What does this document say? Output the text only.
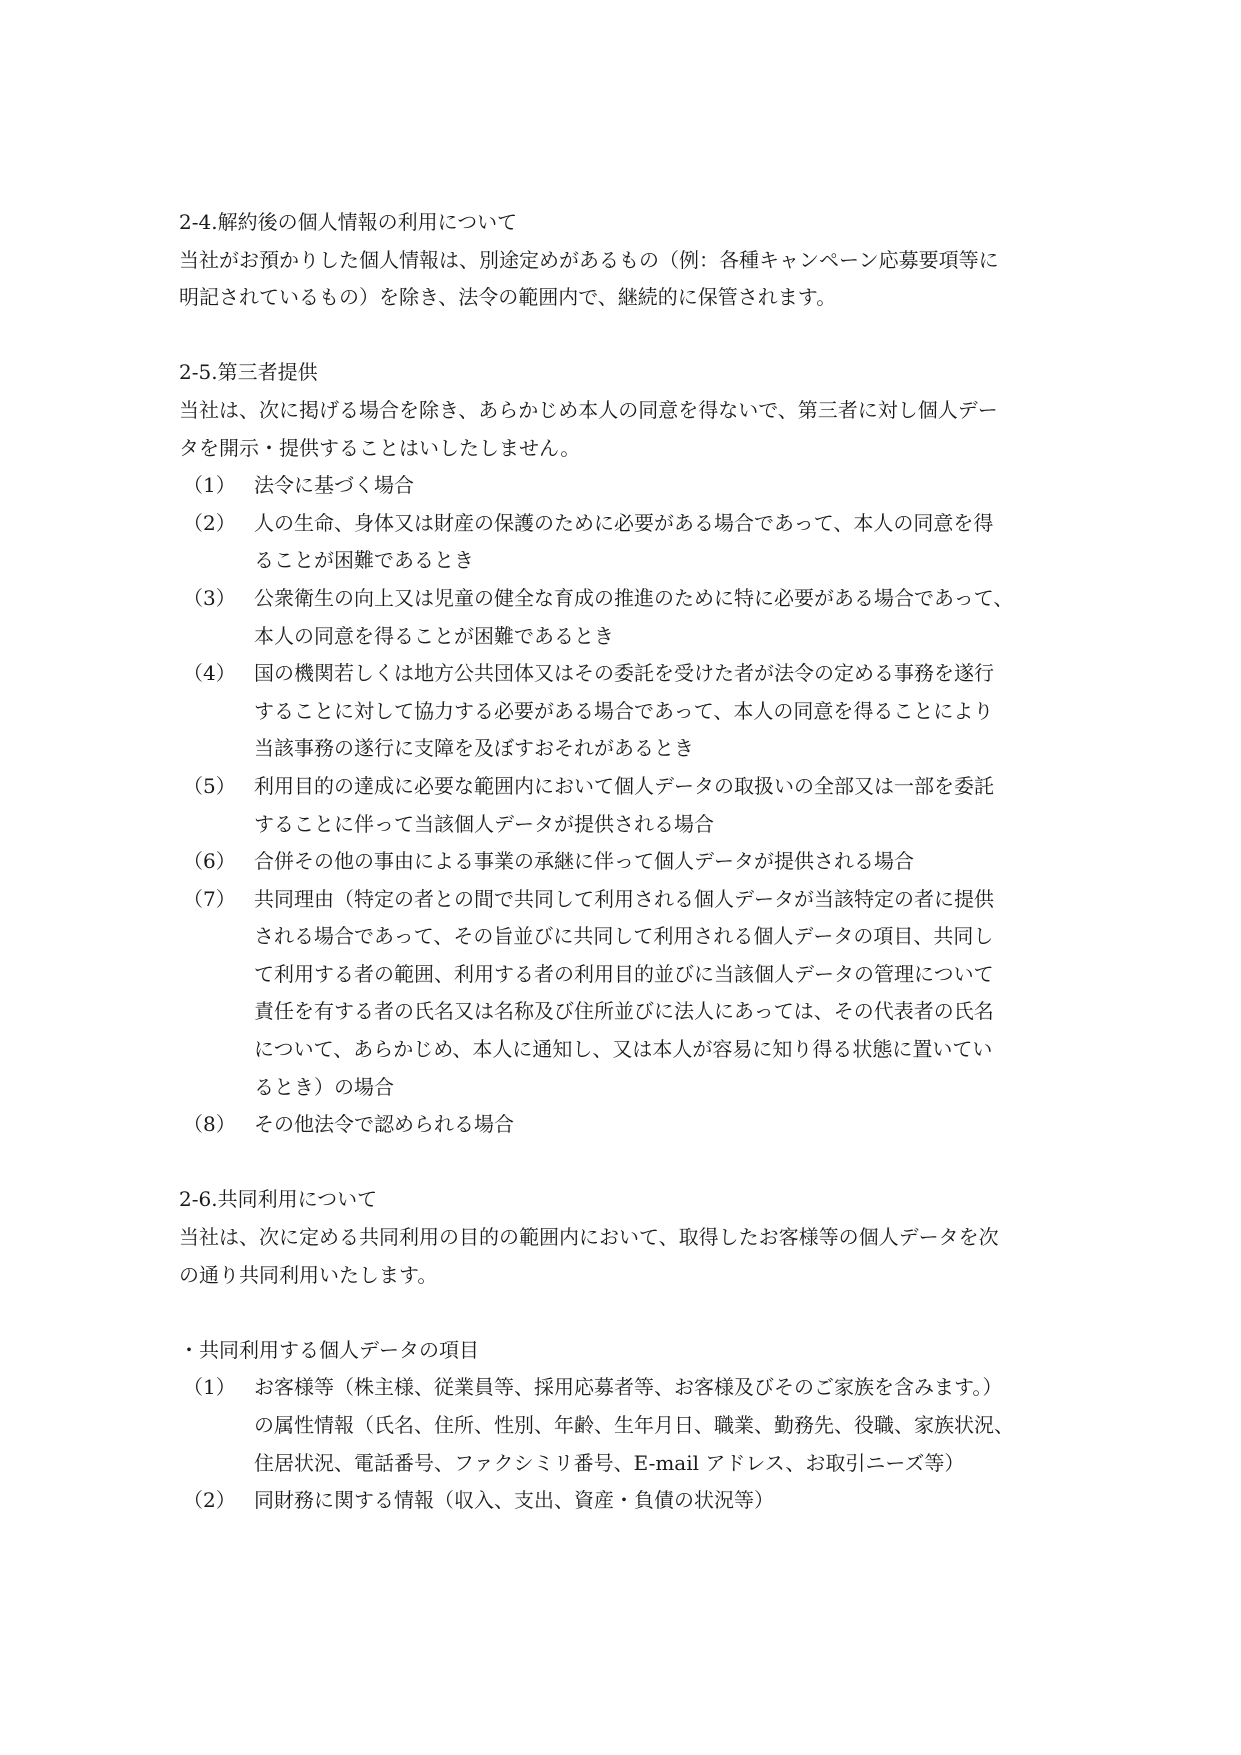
2-4.解約後の個人情報の利用について
当社がお預かりした個人情報は、別途定めがあるもの（例：各種キャンペーン応募要項等に
明記されているもの）を除き、法令の範囲内で、継続的に保管されます。
2-5.第三者提供
当社は、次に掲げる場合を除き、あらかじめ本人の同意を得ないで、第三者に対し個人デー
タを開示・提供することはいしたしません。
（1） 法令に基づく場合
（2） 人の生命、身体又は財産の保護のために必要がある場合であって、本人の同意を得
ることが困難であるとき
（3） 公衆衛生の向上又は児童の健全な育成の推進のために特に必要がある場合であって、
本人の同意を得ることが困難であるとき
（4） 国の機関若しくは地方公共団体又はその委託を受けた者が法令の定める事務を遂行
することに対して協力する必要がある場合であって、本人の同意を得ることにより
当該事務の遂行に支障を及ぼすおそれがあるとき
（5） 利用目的の達成に必要な範囲内において個人データの取扱いの全部又は一部を委託
することに伴って当該個人データが提供される場合
（6） 合併その他の事由による事業の承継に伴って個人データが提供される場合
（7） 共同理由（特定の者との間で共同して利用される個人データが当該特定の者に提供
される場合であって、その旨並びに共同して利用される個人データの項目、共同し
て利用する者の範囲、利用する者の利用目的並びに当該個人データの管理について
責任を有する者の氏名又は名称及び住所並びに法人にあっては、その代表者の氏名
について、あらかじめ、本人に通知し、又は本人が容易に知り得る状態に置いてい
るとき）の場合
（8） その他法令で認められる場合
2-6.共同利用について
当社は、次に定める共同利用の目的の範囲内において、取得したお客様等の個人データを次
の通り共同利用いたします。
・共同利用する個人データの項目
（1） お客様等（株主様、従業員等、採用応募者等、お客様及びそのご家族を含みます。）
の属性情報（氏名、住所、性別、年齢、生年月日、職業、勤務先、役職、家族状況、
住居状況、電話番号、ファクシミリ番号、E-mail アドレス、お取引ニーズ等）
（2） 同財務に関する情報（収入、支出、資産・負債の状況等）
